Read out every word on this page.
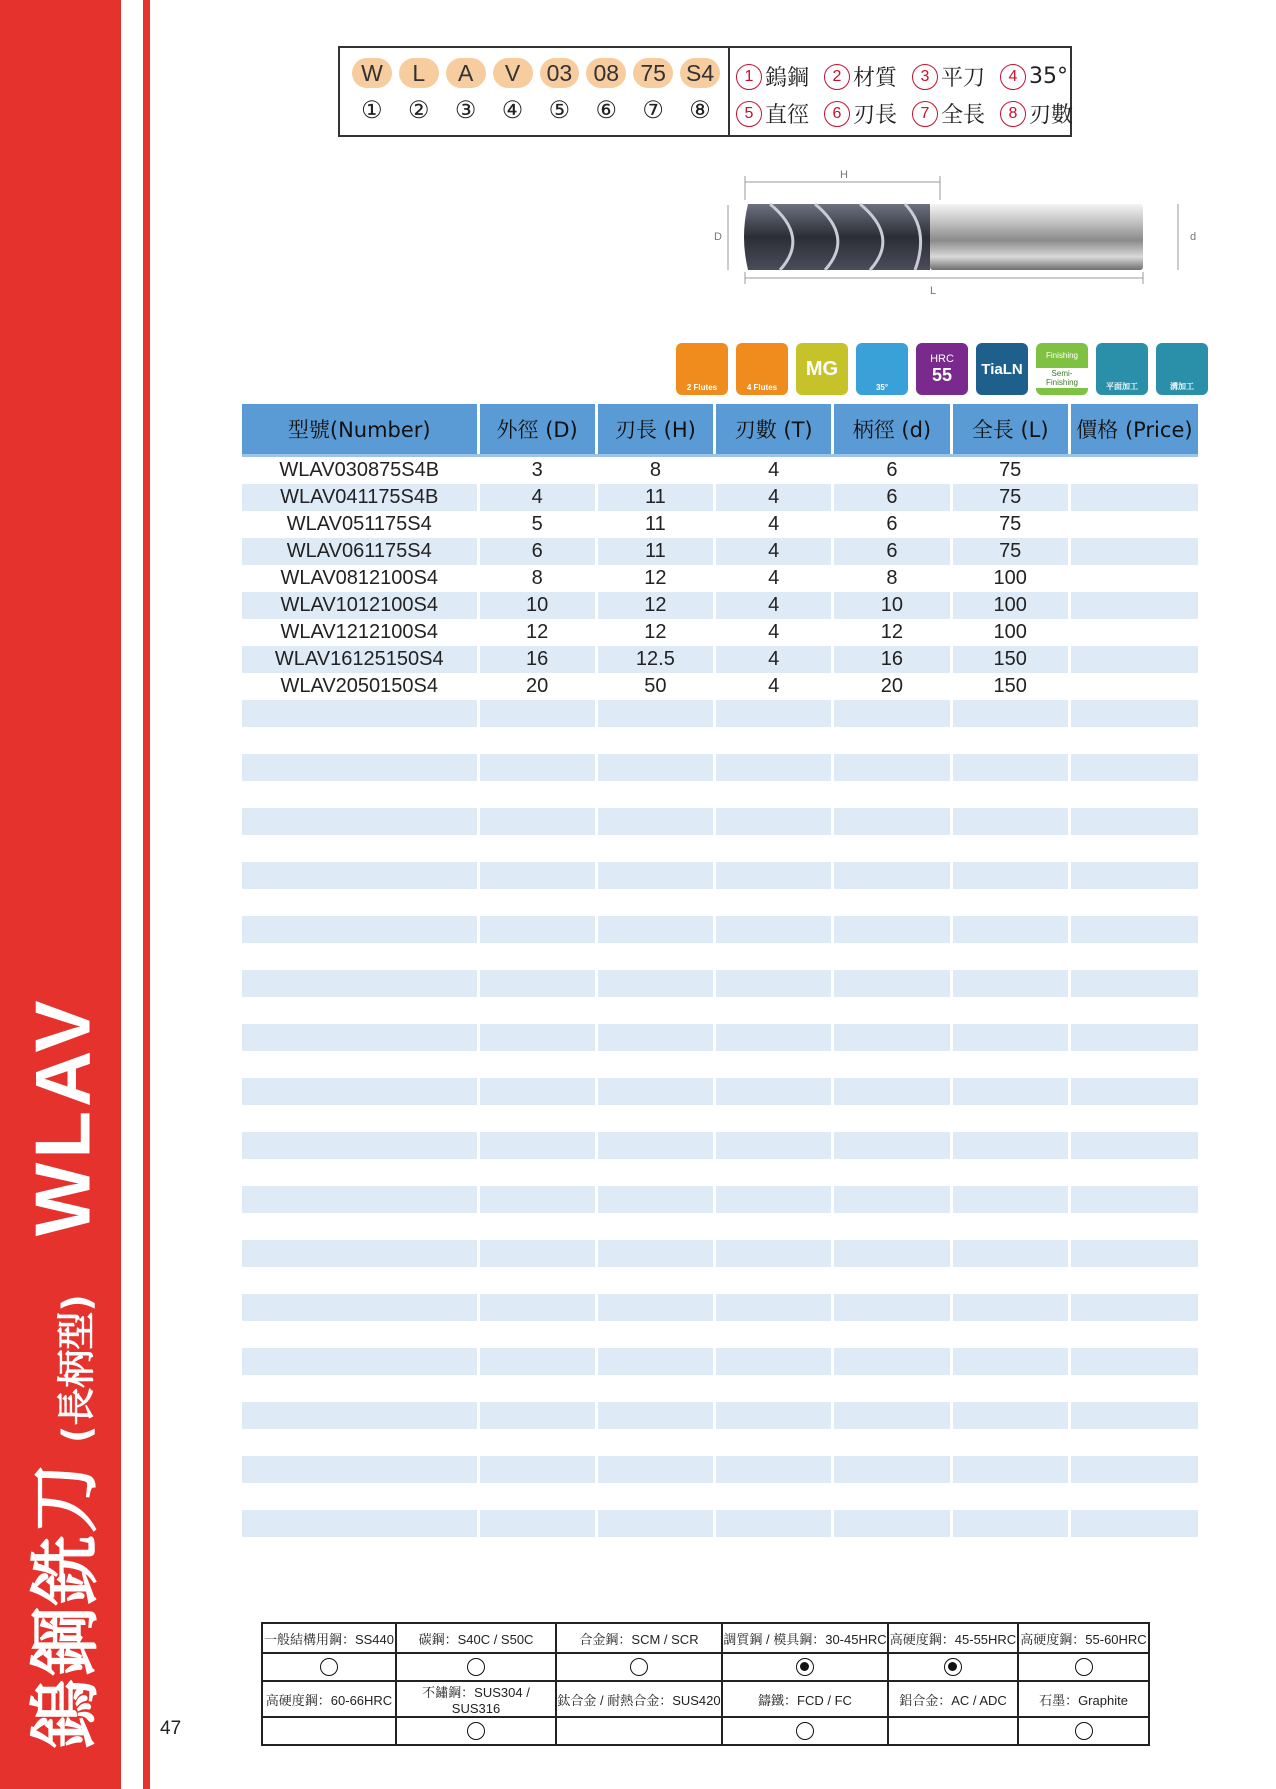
鎢鋼銑刀
(長柄型)
WLAV
47
W	L	A	V	03 08 75 S4
① ② ③ ④ ⑤ ⑥ ⑦ ⑧
1 鎢鋼	2 材質	3 平刀	4 35°
5 直徑	6 刃長	7 全長	8 刃數
H
D	d
L
2 Flutes	4 Flutes
MG
35°
HRC
55 TiaLN
Finishing
Semi-Finishing	平面加工	溝加工
型號(Number)	外徑 (D)	刃長 (H)	刃數 (T)	柄徑 (d)	全長 (L)	價格 (Price)
WLAV030875S4B	3	8	4	6	75
WLAV041175S4B	4	11	4	6	75
WLAV051175S4	5	11	4	6	75
WLAV061175S4	6	11	4	6	75
WLAV0812100S4	8	12	4	8	100
WLAV1012100S4	10	12	4	10	100
WLAV1212100S4	12	12	4	12	100
WLAV16125150S4	16	12.5	4	16	150
WLAV2050150S4	20	50	4	20	150
一般結構用鋼：SS440	碳鋼：S40C / S50C	合金鋼：SCM / SCR	調質鋼 / 模具鋼：30-45HRC	高硬度鋼：45-55HRC	高硬度鋼：55-60HRC

高硬度鋼：60-66HRC	不鏽鋼：SUS304 / SUS316	鈦合金 / 耐熱合金：SUS420	鑄鐵：FCD / FC	鋁合金：AC / ADC	石墨：Graphite
